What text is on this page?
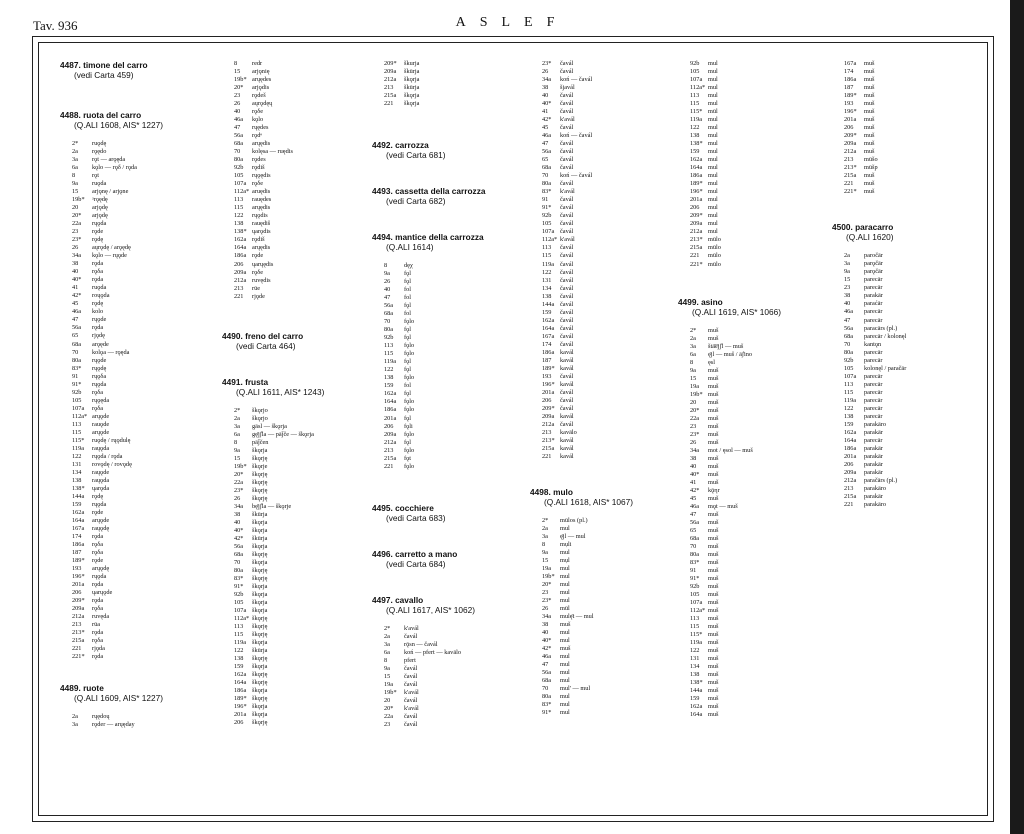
Tav. 936	ASLEF
4487. timone del carro
(vedi Carta 459)
4488. ruota del carro
(Q.ALI 1608, AIS* 1227)
2* ruǫdę
2a rǫędo
3a rǫt — arǫęda
6a kǫlo — rǫδ / rǫda
8	rǫt
9a ruǫda
15 arjǫnę / arjǫne
19b* ᵃrǫędę
20 arjǫdę
20* arjǫdę
22a rųǫda
23 rǫde
23* rǫdę
26 aųrǫdę / arǫędę
34a kǫlo — rųǫde
38 rǫda
40 rǫδa
40* rǫda
41 ruǫda
42* roųǫda
45 rǫdę
46a kolo
47 rųǫde
56a rǫda
65 rjǫdę
68a arǫęde
70 kolǫa — rǫęda
80a rųǫde
83* rųǫdę
91 rųǫδa
91* rųǫda
92b rǫδa
105 rųǫęda
107a rǫδa
112a* arųǫde
113 rauǫde
115 arųǫde
115* ruǫdę / rųǫdulę
119a raųǫda
122 rųǫda / rǫda
131 rovǫdę / rovǫdę
134 raųǫde
138 raųǫda
138* ųarǫda
144a rǫdę
159 rųǫda
162a rǫde
164a arųǫde
167a raųǫdę
174 rǫda
186a rǫδa
187 rǫδa
189* rǫde
193 arųǫdę
196* rųǫda
201a rǫda
206 ųarųǫde
209* rǫda
209a rǫδa
212a ruvęda
213 rūa
213* rǫda
215a rǫδa
221 rjǫda
221* rǫda
4489. ruote
(Q.ALI 1609, AIS* 1227)
2a rųędoų
3a rǫder — arųęday
8 redr
15 arjǫnię
19b* arųędes
20* arjǫdis
23 rǫdeš
26 aųrǫdęų
40 rǫδe
46a kǫlo
47 rųędes
56a rǫdᵉ
68a arųędis
70 kolęsa — ruędis
80a rǫdes
92b rǫdiš
105 rųǫędis
107a rǫδe
112a* aruędis
113 rauędes
115 arųędis
122 rųǫdis
138 rauędiš
138* ųarǫdis
162a rǫdiš
164a arųędis
186a rǫde
206 ųarųędis
209a rǫδe
212a ruvędis
213 rūe
221 rjǫde
4490. freno del carro
(vedi Carta 464)
4491. frusta
(Q.ALI 1611, AIS* 1243)
2* škǫrjo
2a škǫrjo
3a gāsl — škǫrja
6a gę̄jʃ̄la — pāj̄če — škǫrja
8 pāj̄čen
9a škǫrja
15 škǫrję
19b* škǫrje
20* škǫrję
22a škǫrję
23* škǫrję
26 škǫrję
34a bę̄jʃ̄la — škǫrje
38 škūrja
40 škǫrja
40* škǫrja
42* škūrja
56a škǫrja
68a škǫrję
70 škǫrja
80a škǫrję
83* škǫrję
91* škǫrja
92b škǫrja
105 škǫrja
107a škǫrja
112a* škǫrję
113 škǫrję
115 škǫrję
119a škǫrja
122 škūrja
138 škǫrję
159 škǫrja
162a škǫrję
164a škǫrję
186a škǫrja
189* škǫrję
196* škǫrja
201a škǫrja
206 škǫrję
209* škurja
209a škūrja
212a škǫrja
213 škūrja
215a škǫrja
221 škǫrja
4492. carrozza
(vedi Carta 681)
4493. cassetta della carrozza
(vedi Carta 682)
4494. mantice della carrozza
(Q.ALI 1614)
8	dęχ
9a fǫl
26 fǫl
40 fol
47 fol
56a fǫl
68a fol
70 fǫlo
80a fǫl
92b fǫl
113 fǫlo
115 fǫlo
119a fǫl
122 fǫl
138 fǫlo
159 fol
162a fǫl
164a fǫlo
186a fǫlo
201a fǫl
206 fǫli
209a fǫlo
212a fǫl
213 fǫlo
215a fǫt
221 fǫlo
4495. cocchiere
(vedi Carta 683)
4496. carretto a mano
(vedi Carta 684)
4497. cavallo
(Q.ALI 1617, AIS* 1062)
2* k'avál
2a čavál
3a rǭsn — čavál
6a koń — pfert — kavālo
8	pfert
9a čavál
15 čavál
19a čavál
19b* k'avál
20 čavál
20* k'avál
22a čavál
23 čavál
23* čavál
26 čavál
34a koń — čavál
38 šjavál
40 čavál
40* čavál
41 čavál
42* k'avál
45 čavál
46a koń — čavál
47 čavál
56a čavál
65 čavál
68a čavál
70 koń — čavál
80a čavál
83* k'avál
91 čavál
91* čavál
92b čavál
105 čavál
107a čavál
112a* k'avál
113 čavál
115 čavál
119a čavál
122 čavál
131 čavál
134 čavál
138 čavál
144a čavál
159 čavál
162a čavál
164a čavál
167a čavál
174 čavál
186a kavál
187 kavál
189* kavál
193 čavál
196* kavál
201a čavál
206 čavál
209* čavál
209a kavál
212a čavál
213 kavālo
213* kavál
215a kavál
221 kavál
4498. mulo
(Q.ALI 1618, AIS* 1067)
2* mūlos (pl.)
2a mul
3a ę̄jl — mul
8 mụli
9a mul
15 mụl
19a mul
19b* mul
20* mul
23 mul
23* mul
26 mūl
34a mulę̄t — mul
38 muš
40 mul
40* mul
42* muš
46a mul
47 mul
56a mul
68a mul
70 mul' — mul
80a mul
83* mul
91* mul
92b mul
105 mul
107a mul
112a* mul
113 mul
115 mul
115* mūl
119a mul
122 mul
138 mul
138* mul
159 mul
162a mul
164a mul
186a mul
189* mul
196* mul
201a mul
206 mul
209* mul
209a mul
212a mul
213* mūlo
215a mūlo
221 mūlo
221* mūlo
4499. asino
(Q.ALI 1619, AIS* 1066)
2* muš
2a muš
3a štā̄ē̄jʃ̄l — muš
6a ę̄jl — muš / āʃ̄ino
8 ęsl
9a muš
15 muš
19a muš
19b* muš
20 muš
20* muš
22a muš
23 muš
23* muš
26 muš
34a mot / ęsol — muš
38 muš
40 muš
40* muš
41 muš
42* kǭηr
45 muš
46a mǫt — muš
47 muš
56a muš
65 muš
68a muš
70 muš
80a muš
83* muš
91 muš
91* muš
92b muš
105 muš
107a muš
112a* muš
113 muš
115 muš
115* muš
119a muš
122 muš
131 muš
134 muš
138 muš
138* muš
144a muš
159 muš
162a muš
164a muš
167a muš
174 muš
186a muš
187 muš
189* muš
193 muš
196* muš
201a muš
206 muš
209* muš
209a muš
212a muš
213 mūšo
213* mūšp
215a muš
221 muš
221* muš
4500. paracarro
(Q.ALI 1620)
2a paročār
3a parǫčār
9a parǫčār
15 parecār
23 parecār
38 parakār
40 paraćār
46a parecār
47 parecār
56a paracārs (pl.)
68a parecār / kolonęl
70 kantǫn
80a parecār
92b parecār
105 kolonęl / paračār
107a parecār
113 parecār
115 parecār
119a parecār
122 parecār
138 parecār
159 parakāro
162a parakār
164a parecār
186a parakār
201a parakār
206 parakār
209a parakār
212a paračārs (pl.)
213 parakāro
215a parakār
221 parakāro
